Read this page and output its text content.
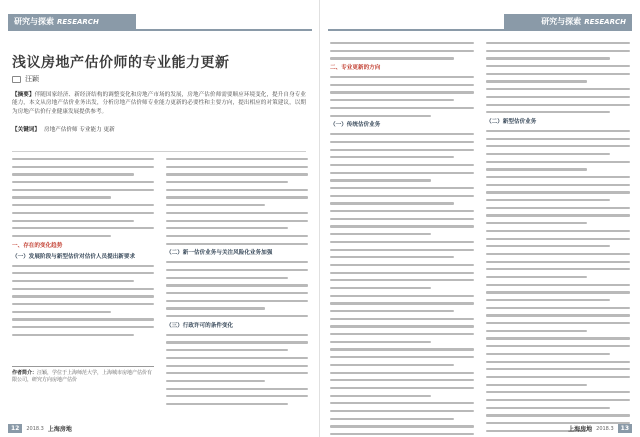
研究与探索 RESEARCH
浅议房地产估价师的专业能力更新
汪颖
【摘要】伴随国家经济、新经济结构的调整变化和房地产市场的发展，房地产估价师需要顺应环境变化，提升自身专业能力，本文从房地产估价业务出发，分析房地产估价师专业能力更新的必要性和主要方向，提出相应的对策建议，以期为房地产估价行业健康发展提供参考。
【关键词】 房地产估价师 专业能力 更新
一、存在的变化趋势
（一）发展阶段与新型估价对估价人员提出新要求
（二）新一估价业务与关注风险化业务加强
（三）行政许可的条件变化
作者简介：汪颖，学位于上海师范大学，上海城市房地产估价有限公司，研究方向房地产估价
12	2018.3 上海房地
研究与探索 RESEARCH
二、专业更新的方向
（一）传统估价业务
（二）新型估价业务
上海房地 2018.3	13
